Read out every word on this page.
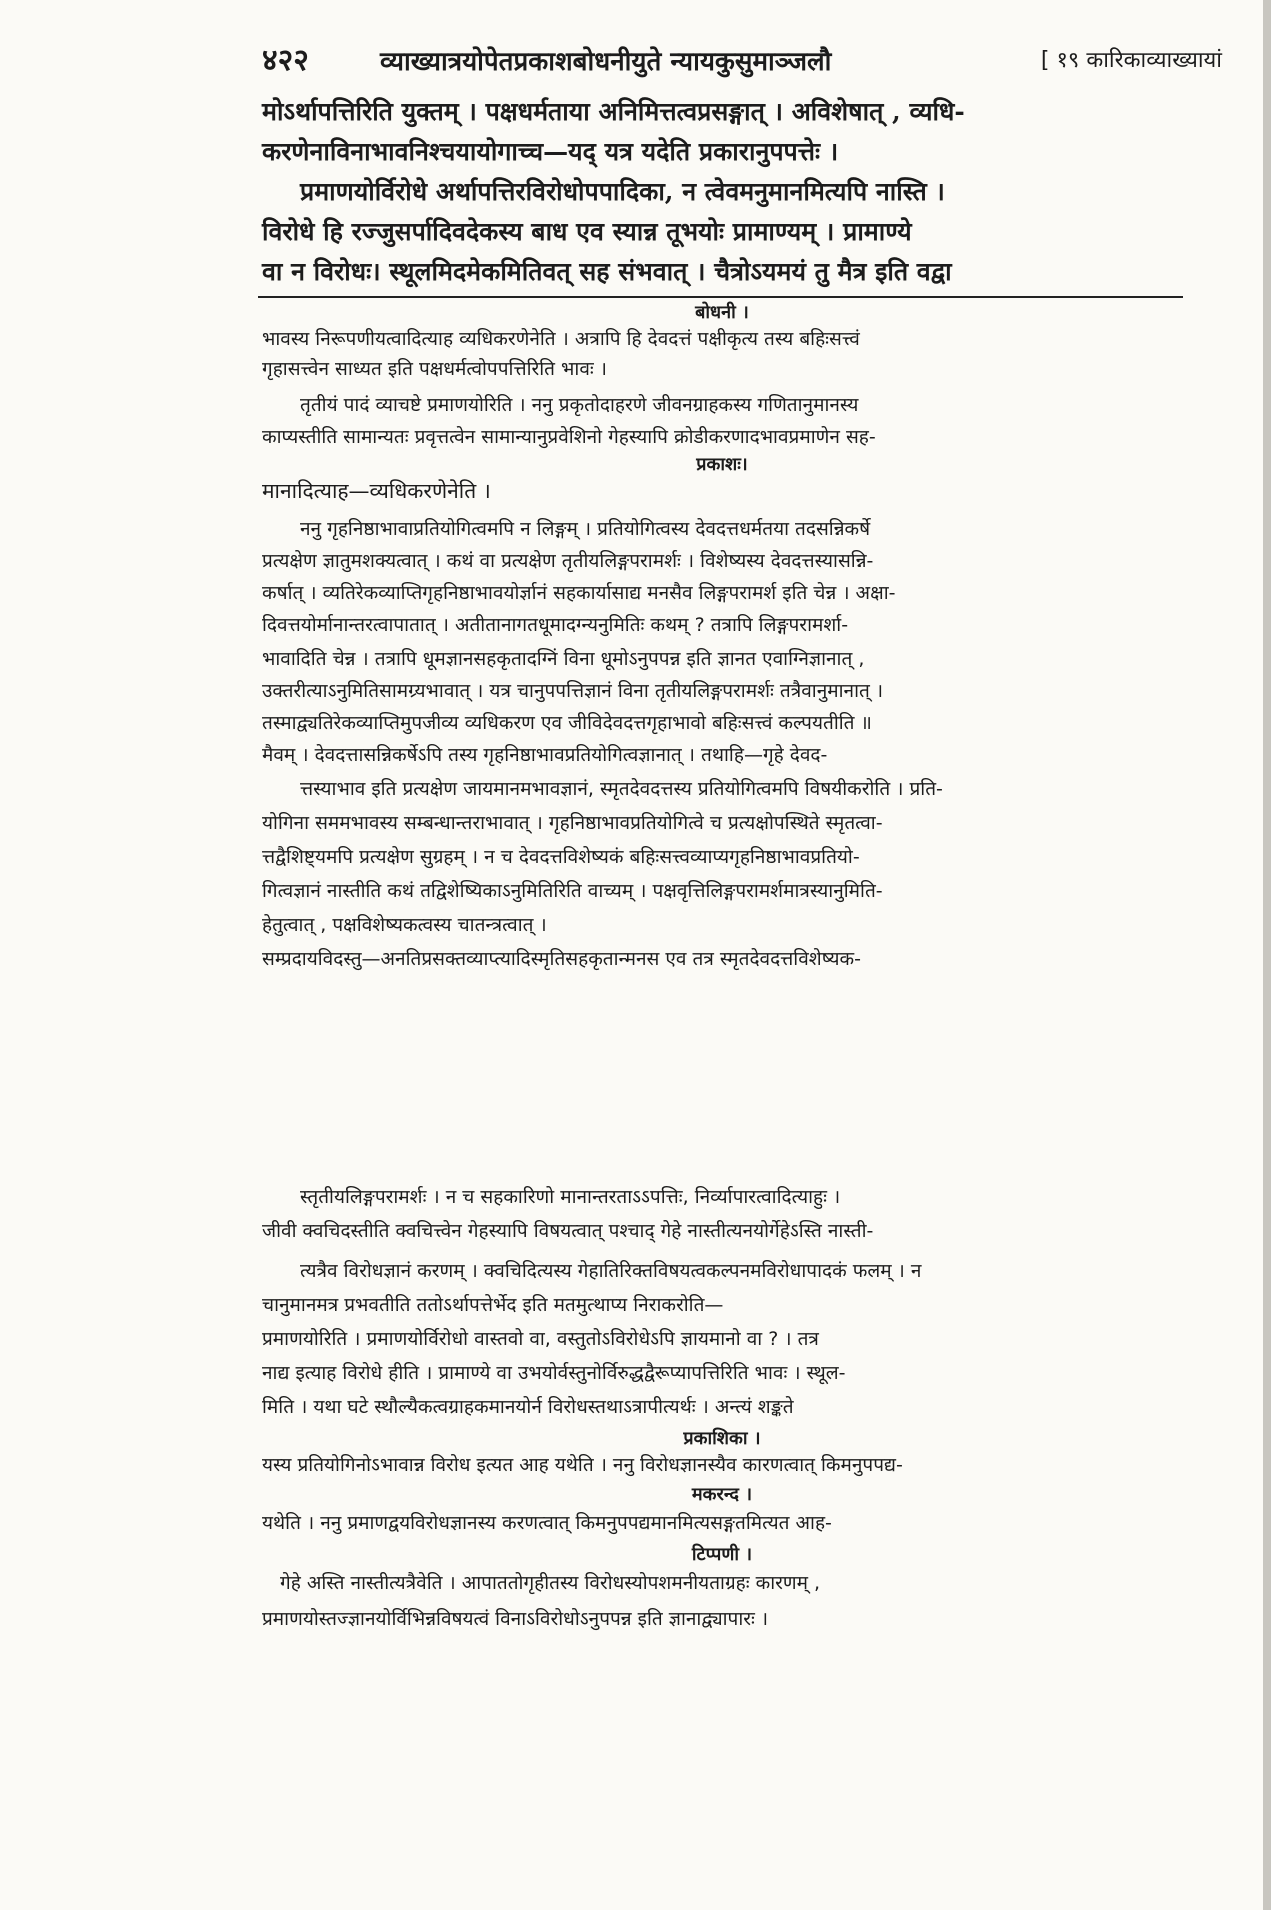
४२२	व्याख्यात्रयोपेतप्रकाशबोधनीयुते न्यायकुसुमाञ्जलौ	[ १९ कारिकाव्याख्यायां
मोऽर्थापत्तिरिति युक्तम् । पक्षधर्मताया अनिमित्तत्वप्रसङ्गात् । अविशेषात् , व्यधि-
करणेनाविनाभावनिश्चयायोगाच्च—यद् यत्र यदेति प्रकारानुपपत्तेः ।
प्रमाणयोर्विरोधे अर्थापत्तिरविरोधोपपादिका, न त्वेवमनुमानमित्यपि नास्ति ।
विरोधे हि रज्जुसर्पादिवदेकस्य बाध एव स्यान्न तूभयोः प्रामाण्यम् । प्रामाण्ये
वा न विरोधः। स्थूलमिदमेकमितिवत् सह संभवात् । चैत्रोऽयमयं तु मैत्र इति वद्वा
बोधनी ।
भावस्य निरूपणीयत्वादित्याह व्यधिकरणेनेति । अत्रापि हि देवदत्तं पक्षीकृत्य तस्य बहिःसत्त्वं
गृहासत्त्वेन साध्यत इति पक्षधर्मत्वोपपत्तिरिति भावः ।
तृतीयं पादं व्याचष्टे प्रमाणयोरिति । ननु प्रकृतोदाहरणे जीवनग्राहकस्य गणितानुमानस्य
काप्यस्तीति सामान्यतः प्रवृत्तत्वेन सामान्यानुप्रवेशिनो गेहस्यापि क्रोडीकरणादभावप्रमाणेन सह-
प्रकाशः।
मानादित्याह—व्यधिकरणेनेति ।
ननु गृहनिष्ठाभावाप्रतियोगित्वमपि न लिङ्गम् । प्रतियोगित्वस्य देवदत्तधर्मतया तदसन्निकर्षे
प्रत्यक्षेण ज्ञातुमशक्यत्वात् । कथं वा प्रत्यक्षेण तृतीयलिङ्गपरामर्शः । विशेष्यस्य देवदत्तस्यासन्नि-
कर्षात् । व्यतिरेकव्याप्तिगृहनिष्ठाभावयोर्ज्ञानं सहकार्यासाद्य मनसैव लिङ्गपरामर्श इति चेन्न । अक्षा-
दिवत्तयोर्मानान्तरत्वापातात् । अतीतानागतधूमादग्न्यनुमितिः कथम् ? तत्रापि लिङ्गपरामर्शा-
भावादिति चेन्न । तत्रापि धूमज्ञानसहकृतादग्निं विना धूमोऽनुपपन्न इति ज्ञानत एवाग्निज्ञानात् ,
उक्तरीत्याऽनुमितिसामग्र्यभावात् । यत्र चानुपपत्तिज्ञानं विना तृतीयलिङ्गपरामर्शः तत्रैवानुमानात् ।
तस्माद्व्यतिरेकव्याप्तिमुपजीव्य व्यधिकरण एव जीविदेवदत्तगृहाभावो बहिःसत्त्वं कल्पयतीति ॥
मैवम् । देवदत्तासन्निकर्षेऽपि तस्य गृहनिष्ठाभावप्रतियोगित्वज्ञानात् । तथाहि—गृहे देवद-
त्तस्याभाव इति प्रत्यक्षेण जायमानमभावज्ञानं, स्मृतदेवदत्तस्य प्रतियोगित्वमपि विषयीकरोति । प्रति-
योगिना सममभावस्य सम्बन्धान्तराभावात् । गृहनिष्ठाभावप्रतियोगित्वे च प्रत्यक्षोपस्थिते स्मृतत्वा-
त्तद्वैशिष्ट्यमपि प्रत्यक्षेण सुग्रहम् । न च देवदत्तविशेष्यकं बहिःसत्त्वव्याप्यगृहनिष्ठाभावप्रतियो-
गित्वज्ञानं नास्तीति कथं तद्विशेष्यिकाऽनुमितिरिति वाच्यम् । पक्षवृत्तिलिङ्गपरामर्शमात्रस्यानुमिति-
हेतुत्वात् , पक्षविशेष्यकत्वस्य चातन्त्रत्वात् ।
सम्प्रदायविदस्तु—अनतिप्रसक्तव्याप्त्यादिस्मृतिसहकृतान्मनस एव तत्र स्मृतदेवदत्तविशेष्यक-
स्तृतीयलिङ्गपरामर्शः । न च सहकारिणो मानान्तरताऽऽपत्तिः, निर्व्यापारत्वादित्याहुः ।
जीवी क्वचिदस्तीति क्वचित्त्वेन गेहस्यापि विषयत्वात् पश्चाद् गेहे नास्तीत्यनयोर्गेहेऽस्ति नास्ती-
त्यत्रैव विरोधज्ञानं करणम् । क्वचिदित्यस्य गेहातिरिक्तविषयत्वकल्पनमविरोधापादकं फलम् । न
चानुमानमत्र प्रभवतीति ततोऽर्थापत्तेर्भेद इति मतमुत्थाप्य निराकरोति—
प्रमाणयोरिति । प्रमाणयोर्विरोधो वास्तवो वा, वस्तुतोऽविरोधेऽपि ज्ञायमानो वा ? । तत्र
नाद्य इत्याह विरोधे हीति । प्रामाण्ये वा उभयोर्वस्तुनोर्विरुद्धद्वैरूप्यापत्तिरिति भावः । स्थूल-
मिति । यथा घटे स्थौल्यैकत्वग्राहकमानयोर्न विरोधस्तथाऽत्रापीत्यर्थः । अन्त्यं शङ्कते
प्रकाशिका ।
यस्य प्रतियोगिनोऽभावान्न विरोध इत्यत आह यथेति । ननु विरोधज्ञानस्यैव कारणत्वात् किमनुपपद्य-
मकरन्द ।
यथेति । ननु प्रमाणद्वयविरोधज्ञानस्य करणत्वात् किमनुपपद्यमानमित्यसङ्गतमित्यत आह-
टिप्पणी ।
गेहे अस्ति नास्तीत्यत्रैवेति । आपाततोगृहीतस्य विरोधस्योपशमनीयताग्रहः कारणम् ,
प्रमाणयोस्तज्ज्ञानयोर्विभिन्नविषयत्वं विनाऽविरोधोऽनुपपन्न इति ज्ञानाद्व्यापारः ।
